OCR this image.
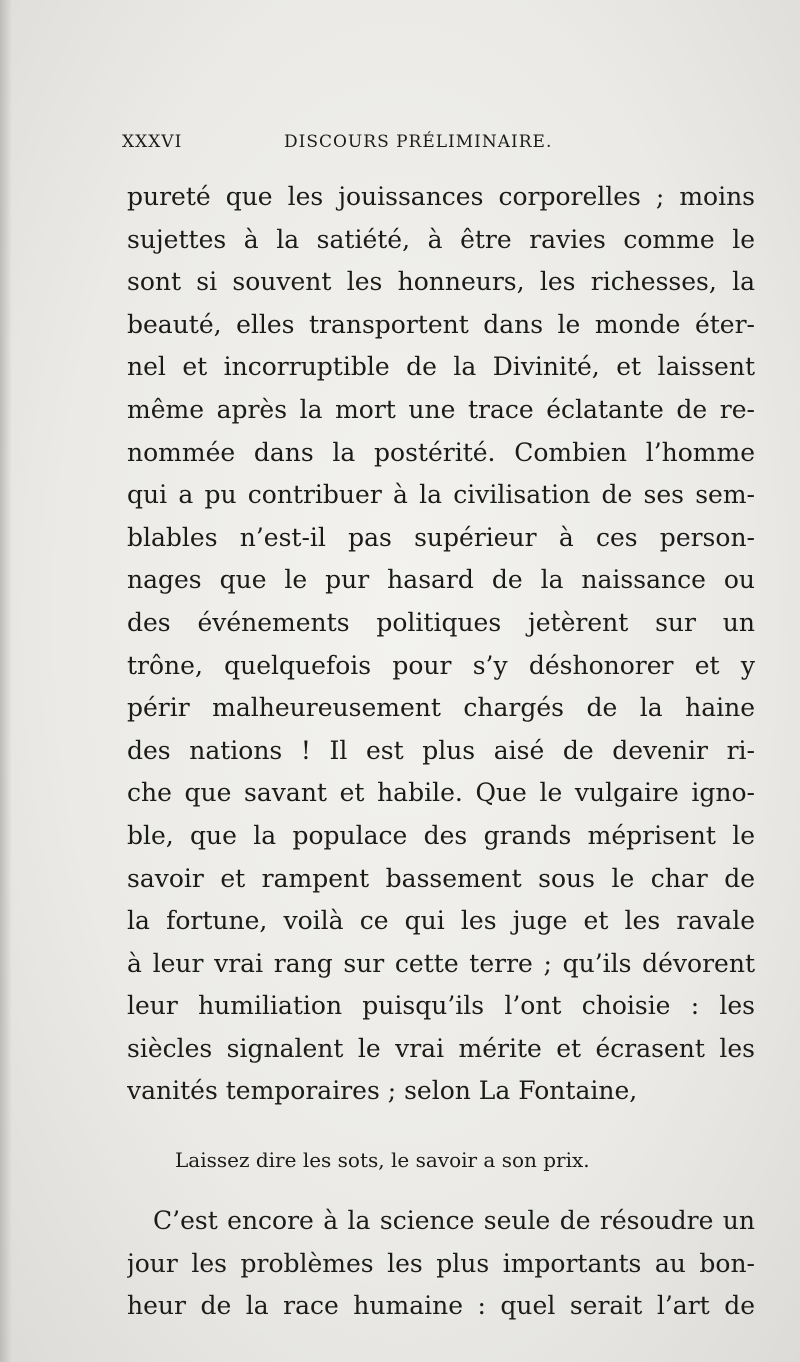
XXXVI	DISCOURS PRÉLIMINAIRE.
pureté que les jouissances corporelles ; moins
sujettes à la satiété, à être ravies comme le
sont si souvent les honneurs, les richesses, la
beauté, elles transportent dans le monde éter-
nel et incorruptible de la Divinité, et laissent
même après la mort une trace éclatante de re-
nommée dans la postérité. Combien l’homme
qui a pu contribuer à la civilisation de ses sem-
blables n’est-il pas supérieur à ces person-
nages que le pur hasard de la naissance ou
des événements politiques jetèrent sur un
trône, quelquefois pour s’y déshonorer et y
périr malheureusement chargés de la haine
des nations ! Il est plus aisé de devenir ri-
che que savant et habile. Que le vulgaire igno-
ble, que la populace des grands méprisent le
savoir et rampent bassement sous le char de
la fortune, voilà ce qui les juge et les ravale
à leur vrai rang sur cette terre ; qu’ils dévorent
leur humiliation puisqu’ils l’ont choisie : les
siècles signalent le vrai mérite et écrasent les
vanités temporaires ; selon La Fontaine,
Laissez dire les sots, le savoir a son prix.
C’est encore à la science seule de résoudre un
jour les problèmes les plus importants au bon-
heur de la race humaine : quel serait l’art de
